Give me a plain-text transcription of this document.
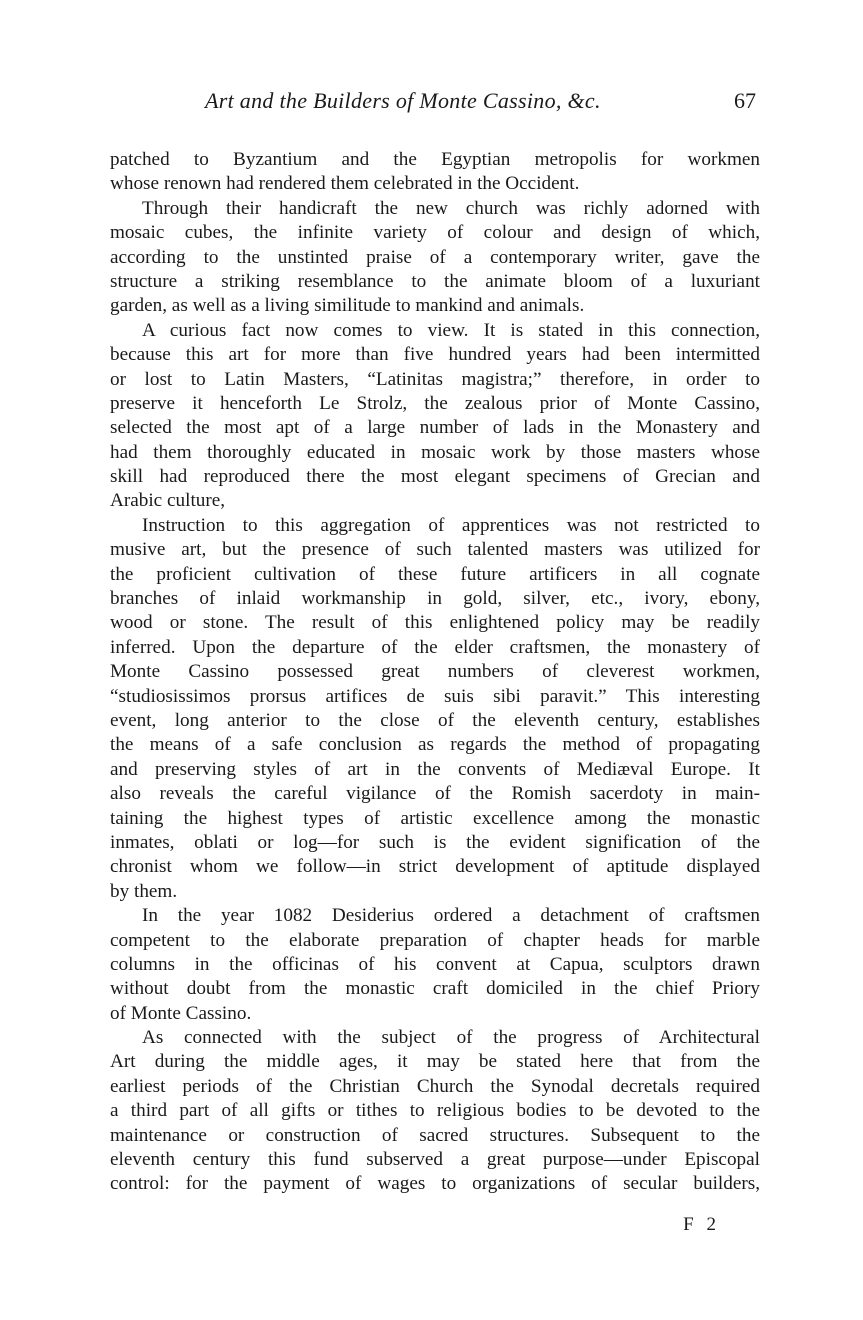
Art and the Builders of Monte Cassino, &c.	67
patched to Byzantium and the Egyptian metropolis for workmen
whose renown had rendered them celebrated in the Occident.
Through their handicraft the new church was richly adorned with
mosaic cubes, the infinite variety of colour and design of which,
according to the unstinted praise of a contemporary writer, gave the
structure a striking resemblance to the animate bloom of a luxuriant
garden, as well as a living similitude to mankind and animals.
A curious fact now comes to view. It is stated in this connection,
because this art for more than five hundred years had been intermitted
or lost to Latin Masters, “Latinitas magistra;” therefore, in order to
preserve it henceforth Le Strolz, the zealous prior of Monte Cassino,
selected the most apt of a large number of lads in the Monastery and
had them thoroughly educated in mosaic work by those masters whose
skill had reproduced there the most elegant specimens of Grecian and
Arabic culture,
Instruction to this aggregation of apprentices was not restricted to
musive art, but the presence of such talented masters was utilized for
the proficient cultivation of these future artificers in all cognate
branches of inlaid workmanship in gold, silver, etc., ivory, ebony,
wood or stone. The result of this enlightened policy may be readily
inferred. Upon the departure of the elder craftsmen, the monastery of
Monte Cassino possessed great numbers of cleverest workmen,
“studiosissimos prorsus artifices de suis sibi paravit.” This interesting
event, long anterior to the close of the eleventh century, establishes
the means of a safe conclusion as regards the method of propagating
and preserving styles of art in the convents of Mediæval Europe. It
also reveals the careful vigilance of the Romish sacerdoty in main-
taining the highest types of artistic excellence among the monastic
inmates, oblati or log—for such is the evident signification of the
chronist whom we follow—in strict development of aptitude displayed
by them.
In the year 1082 Desiderius ordered a detachment of craftsmen
competent to the elaborate preparation of chapter heads for marble
columns in the officinas of his convent at Capua, sculptors drawn
without doubt from the monastic craft domiciled in the chief Priory
of Monte Cassino.
As connected with the subject of the progress of Architectural
Art during the middle ages, it may be stated here that from the
earliest periods of the Christian Church the Synodal decretals required
a third part of all gifts or tithes to religious bodies to be devoted to the
maintenance or construction of sacred structures. Subsequent to the
eleventh century this fund subserved a great purpose—under Episcopal
control: for the payment of wages to organizations of secular builders,
F 2
